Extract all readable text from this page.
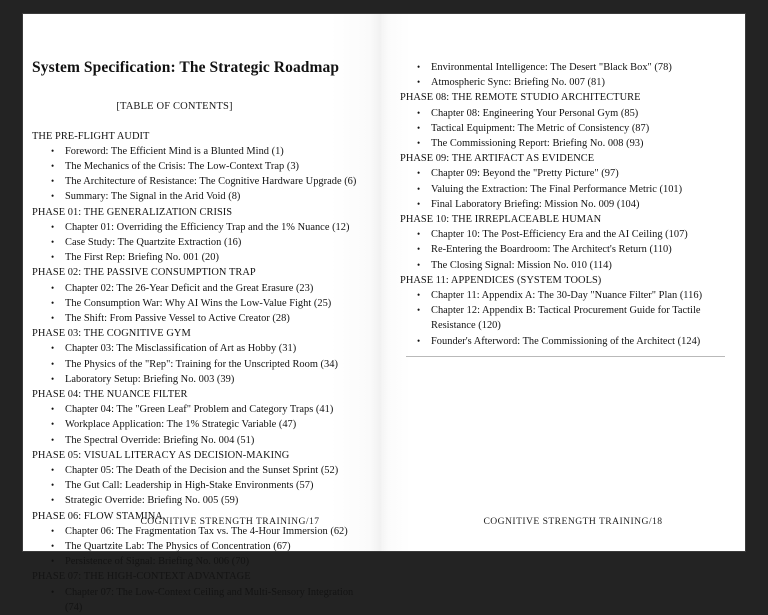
System Specification: The Strategic Roadmap
[TABLE OF CONTENTS]
THE PRE-FLIGHT AUDIT
• Foreword: The Efficient Mind is a Blunted Mind (1)
• The Mechanics of the Crisis: The Low-Context Trap (3)
• The Architecture of Resistance: The Cognitive Hardware Upgrade (6)
• Summary: The Signal in the Arid Void (8)
PHASE 01: THE GENERALIZATION CRISIS
• Chapter 01: Overriding the Efficiency Trap and the 1% Nuance (12)
• Case Study: The Quartzite Extraction (16)
• The First Rep: Briefing No. 001 (20)
PHASE 02: THE PASSIVE CONSUMPTION TRAP
• Chapter 02: The 26-Year Deficit and the Great Erasure (23)
• The Consumption War: Why AI Wins the Low-Value Fight (25)
• The Shift: From Passive Vessel to Active Creator (28)
PHASE 03: THE COGNITIVE GYM
• Chapter 03: The Misclassification of Art as Hobby (31)
• The Physics of the "Rep": Training for the Unscripted Room (34)
• Laboratory Setup: Briefing No. 003 (39)
PHASE 04: THE NUANCE FILTER
• Chapter 04: The "Green Leaf" Problem and Category Traps (41)
• Workplace Application: The 1% Strategic Variable (47)
• The Spectral Override: Briefing No. 004 (51)
PHASE 05: VISUAL LITERACY AS DECISION-MAKING
• Chapter 05: The Death of the Decision and the Sunset Sprint (52)
• The Gut Call: Leadership in High-Stake Environments (57)
• Strategic Override: Briefing No. 005 (59)
PHASE 06: FLOW STAMINA
• Chapter 06: The Fragmentation Tax vs. The 4-Hour Immersion (62)
• The Quartzite Lab: The Physics of Concentration (67)
• Persistence of Signal: Briefing No. 006 (70)
PHASE 07: THE HIGH-CONTEXT ADVANTAGE
• Chapter 07: The Low-Context Ceiling and Multi-Sensory Integration (74)
COGNITIVE STRENGTH TRAINING/17
• Environmental Intelligence: The Desert "Black Box" (78)
• Atmospheric Sync: Briefing No. 007 (81)
PHASE 08: THE REMOTE STUDIO ARCHITECTURE
• Chapter 08: Engineering Your Personal Gym (85)
• Tactical Equipment: The Metric of Consistency (87)
• The Commissioning Report: Briefing No. 008 (93)
PHASE 09: THE ARTIFACT AS EVIDENCE
• Chapter 09: Beyond the "Pretty Picture" (97)
• Valuing the Extraction: The Final Performance Metric (101)
• Final Laboratory Briefing: Mission No. 009 (104)
PHASE 10: THE IRREPLACEABLE HUMAN
• Chapter 10: The Post-Efficiency Era and the AI Ceiling (107)
• Re-Entering the Boardroom: The Architect's Return (110)
• The Closing Signal: Mission No. 010 (114)
PHASE 11: APPENDICES (SYSTEM TOOLS)
• Chapter 11: Appendix A: The 30-Day "Nuance Filter" Plan (116)
• Chapter 12: Appendix B: Tactical Procurement Guide for Tactile Resistance (120)
• Founder's Afterword: The Commissioning of the Architect (124)
COGNITIVE STRENGTH TRAINING/18
